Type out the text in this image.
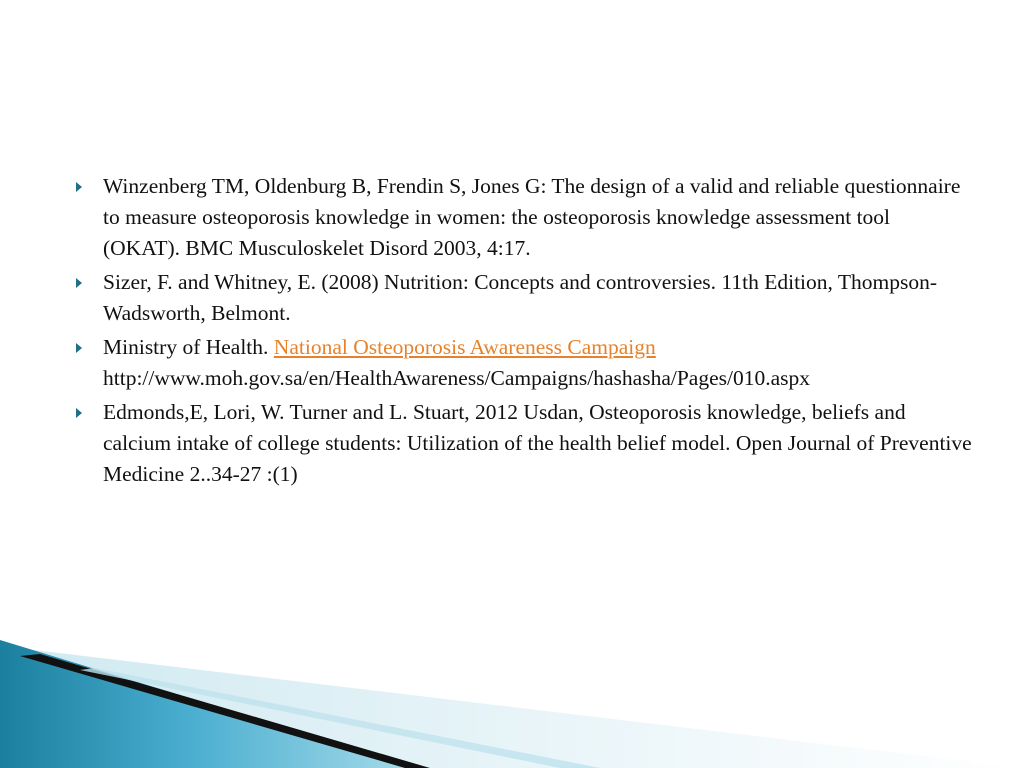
Winzenberg TM, Oldenburg B, Frendin S, Jones G: The design of a valid and reliable questionnaire to measure osteoporosis knowledge in women: the osteoporosis knowledge assessment tool (OKAT). BMC Musculoskelet Disord 2003, 4:17.
Sizer, F. and Whitney, E. (2008) Nutrition: Concepts and controversies. 11th Edition, Thompson-Wadsworth, Belmont.
Ministry of Health. National Osteoporosis Awareness Campaign
http://www.moh.gov.sa/en/HealthAwareness/Campaigns/hashasha/Pages/010.aspx
Edmonds,E, Lori, W. Turner and L. Stuart, 2012 Usdan, Osteoporosis knowledge, beliefs and calcium intake of college students: Utilization of the health belief model. Open Journal of Preventive Medicine 2..34-27 :(1)
